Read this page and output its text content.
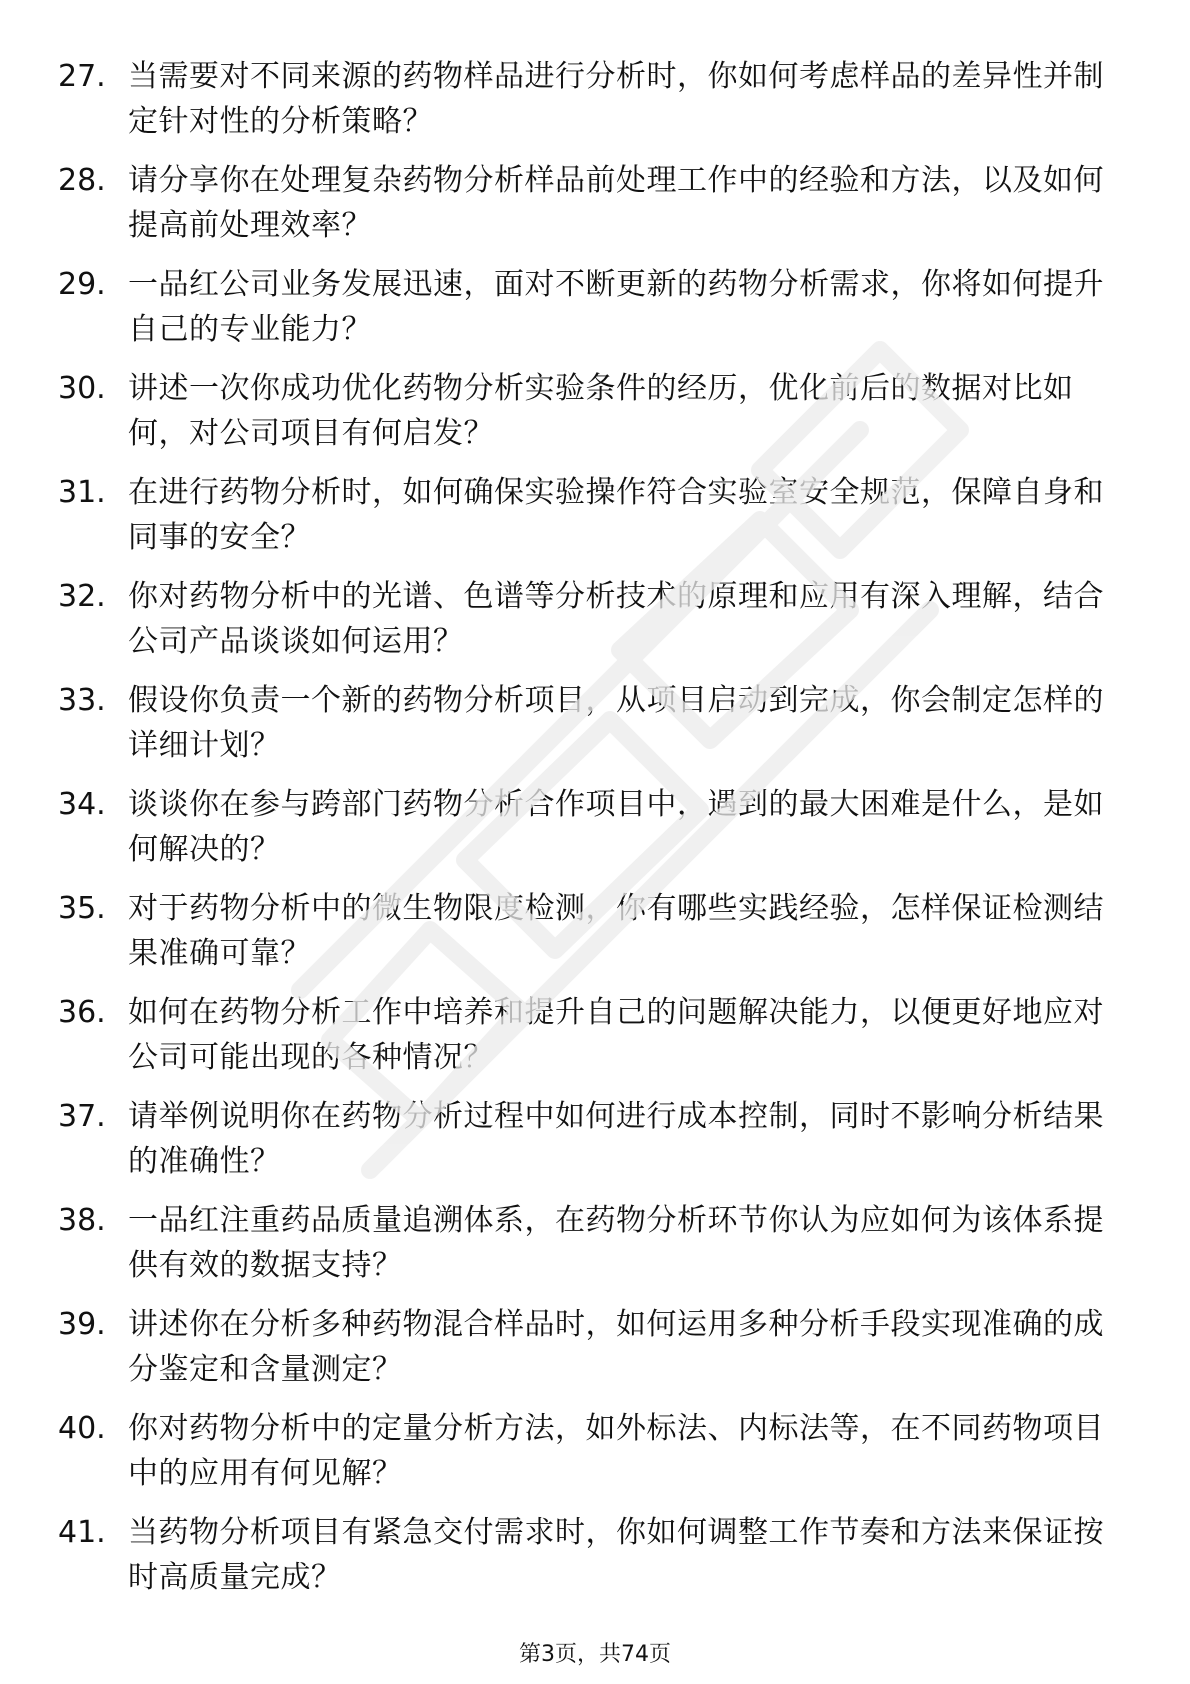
27. 当需要对不同来源的药物样品进行分析时，你如何考虑样品的差异性并制定针对性的分析策略？
28. 请分享你在处理复杂药物分析样品前处理工作中的经验和方法，以及如何提高前处理效率？
29. 一品红公司业务发展迅速，面对不断更新的药物分析需求，你将如何提升自己的专业能力？
30. 讲述一次你成功优化药物分析实验条件的经历，优化前后的数据对比如何，对公司项目有何启发？
31. 在进行药物分析时，如何确保实验操作符合实验室安全规范，保障自身和同事的安全？
32. 你对药物分析中的光谱、色谱等分析技术的原理和应用有深入理解，结合公司产品谈谈如何运用？
33. 假设你负责一个新的药物分析项目，从项目启动到完成，你会制定怎样的详细计划？
34. 谈谈你在参与跨部门药物分析合作项目中，遇到的最大困难是什么，是如何解决的？
35. 对于药物分析中的微生物限度检测，你有哪些实践经验，怎样保证检测结果准确可靠？
36. 如何在药物分析工作中培养和提升自己的问题解决能力，以便更好地应对公司可能出现的各种情况？
37. 请举例说明你在药物分析过程中如何进行成本控制，同时不影响分析结果的准确性？
38. 一品红注重药品质量追溯体系，在药物分析环节你认为应如何为该体系提供有效的数据支持？
39. 讲述你在分析多种药物混合样品时，如何运用多种分析手段实现准确的成分鉴定和含量测定？
40. 你对药物分析中的定量分析方法，如外标法、内标法等，在不同药物项目中的应用有何见解？
41. 当药物分析项目有紧急交付需求时，你如何调整工作节奏和方法来保证按时高质量完成？
第3页，共74页
